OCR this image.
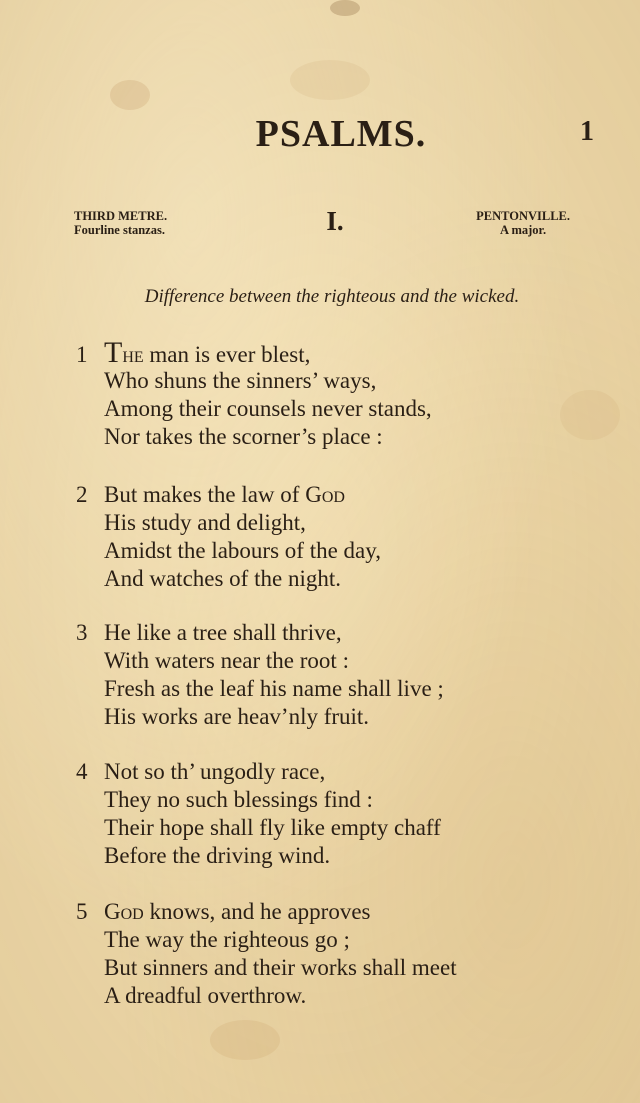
PSALMS.	1
THIRD METRE.
Fourline stanzas.	I.	PENTONVILLE.
A major.
Difference between the righteous and the wicked.
1 The man is ever blest,
Who shuns the sinners’ ways,
Among their counsels never stands,
Nor takes the scorner’s place :
2 But makes the law of God
His study and delight,
Amidst the labours of the day,
And watches of the night.
3 He like a tree shall thrive,
With waters near the root :
Fresh as the leaf his name shall live ;
His works are heav’nly fruit.
4 Not so th’ ungodly race,
They no such blessings find :
Their hope shall fly like empty chaff
Before the driving wind.
5 God knows, and he approves
The way the righteous go ;
But sinners and their works shall meet
A dreadful overthrow.
